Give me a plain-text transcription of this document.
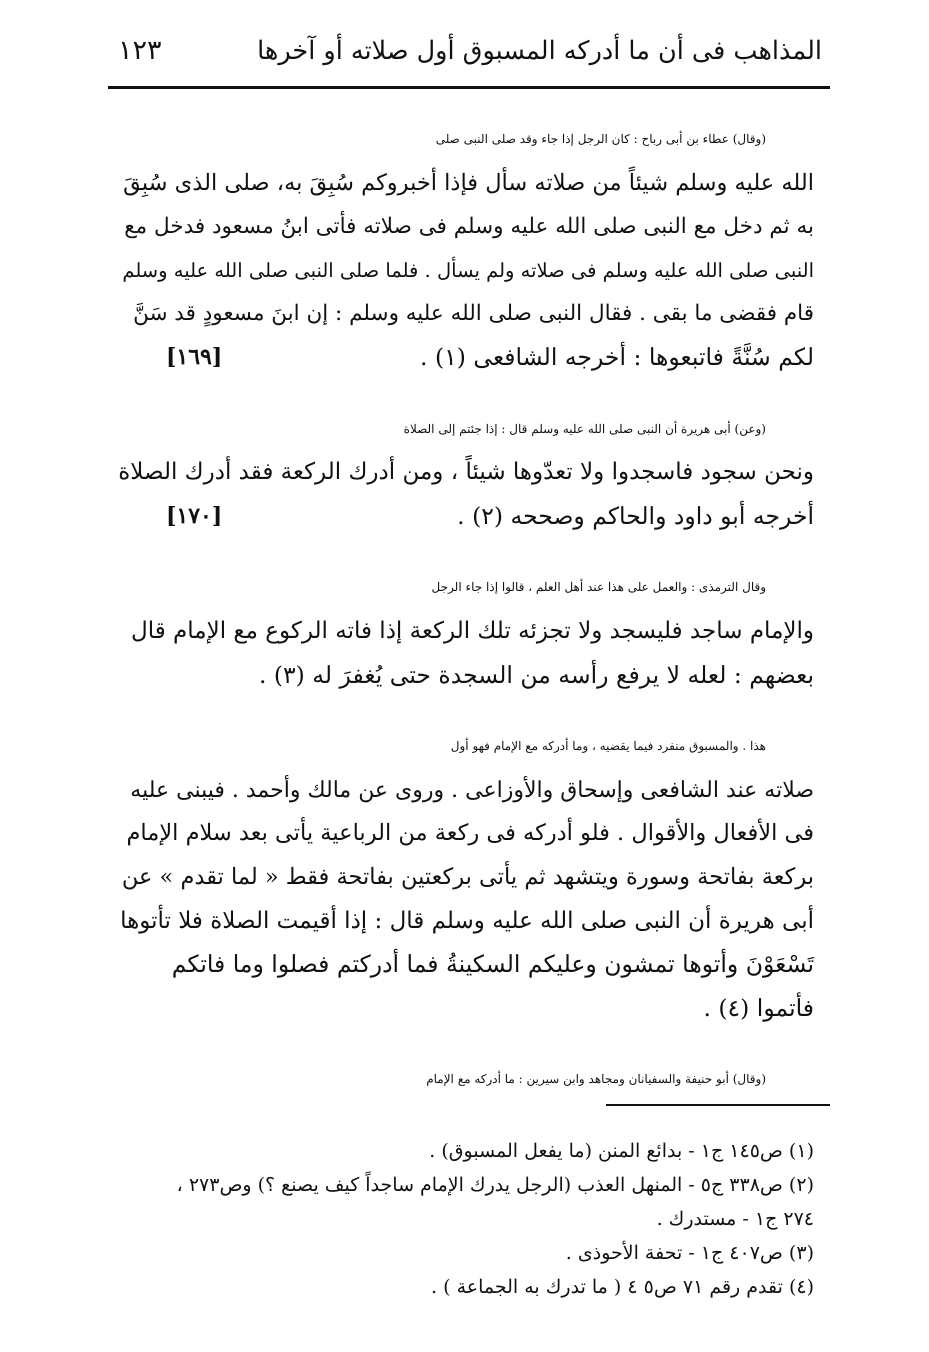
المذاهب فى أن ما أدركه المسبوق أول صلاته أو آخرها
١٢٣
(وقال) عطاء بن أبى رباح : كان الرجل إذا جاء وقد صلى النبى صلى
الله عليه وسلم شيئاً من صلاته سأل فإذا أخبروكم سُبِقَ به، صلى الذى سُبِقَ
به ثم دخل مع النبى صلى الله عليه وسلم فى صلاته فأتى ابنُ مسعود فدخل مع
النبى صلى الله عليه وسلم فى صلاته ولم يسأل . فلما صلى النبى صلى الله عليه وسلم
قام فقضى ما بقى . فقال النبى صلى الله عليه وسلم : إن ابنَ مسعودٍ قد سَنَّ
لكم سُنَّةً فاتبعوها : أخرجه الشافعى (١) .
[١٦٩]
(وعن) أبى هريرة أن النبى صلى الله عليه وسلم قال : إذا جئتم إلى الصلاة
ونحن سجود فاسجدوا ولا تعدّوها شيئاً ، ومن أدرك الركعة فقد أدرك الصلاة
أخرجه أبو داود والحاكم وصححه (٢) .
[١٧٠]
وقال الترمذى : والعمل على هذا عند أهل العلم ، قالوا إذا جاء الرجل
والإمام ساجد فليسجد ولا تجزئه تلك الركعة إذا فاته الركوع مع الإمام قال
بعضهم : لعله لا يرفع رأسه من السجدة حتى يُغفرَ له (٣) .
هذا . والمسبوق منفرد فيما يقضيه ، وما أدركه مع الإمام فهو أول
صلاته عند الشافعى وإسحاق والأوزاعى . وروى عن مالك وأحمد . فيبنى عليه
فى الأفعال والأقوال . فلو أدركه فى ركعة من الرباعية يأتى بعد سلام الإمام
بركعة بفاتحة وسورة ويتشهد ثم يأتى بركعتين بفاتحة فقط « لما تقدم » عن
أبى هريرة أن النبى صلى الله عليه وسلم قال : إذا أقيمت الصلاة فلا تأتوها
تَسْعَوْنَ وأتوها تمشون وعليكم السكينةُ فما أدركتم فصلوا وما فاتكم
فأتموا (٤) .
(وقال) أبو حنيفة والسفيانان ومجاهد وابن سيرين : ما أدركه مع الإمام

(١) ص١٤٥ ج١ - بدائع المنن (ما يفعل المسبوق) .

(٢) ص٣٣٨ ج٥ - المنهل العذب (الرجل يدرك الإمام ساجداً كيف يصنع ؟) وص٢٧٣ ،

٢٧٤ ج١ - مستدرك .

(٣) ص٤٠٧ ج١ - تحفة الأحوذى .

(٤) تقدم رقم ٧١ ص٥ ٤ ( ما تدرك به الجماعة ) .
